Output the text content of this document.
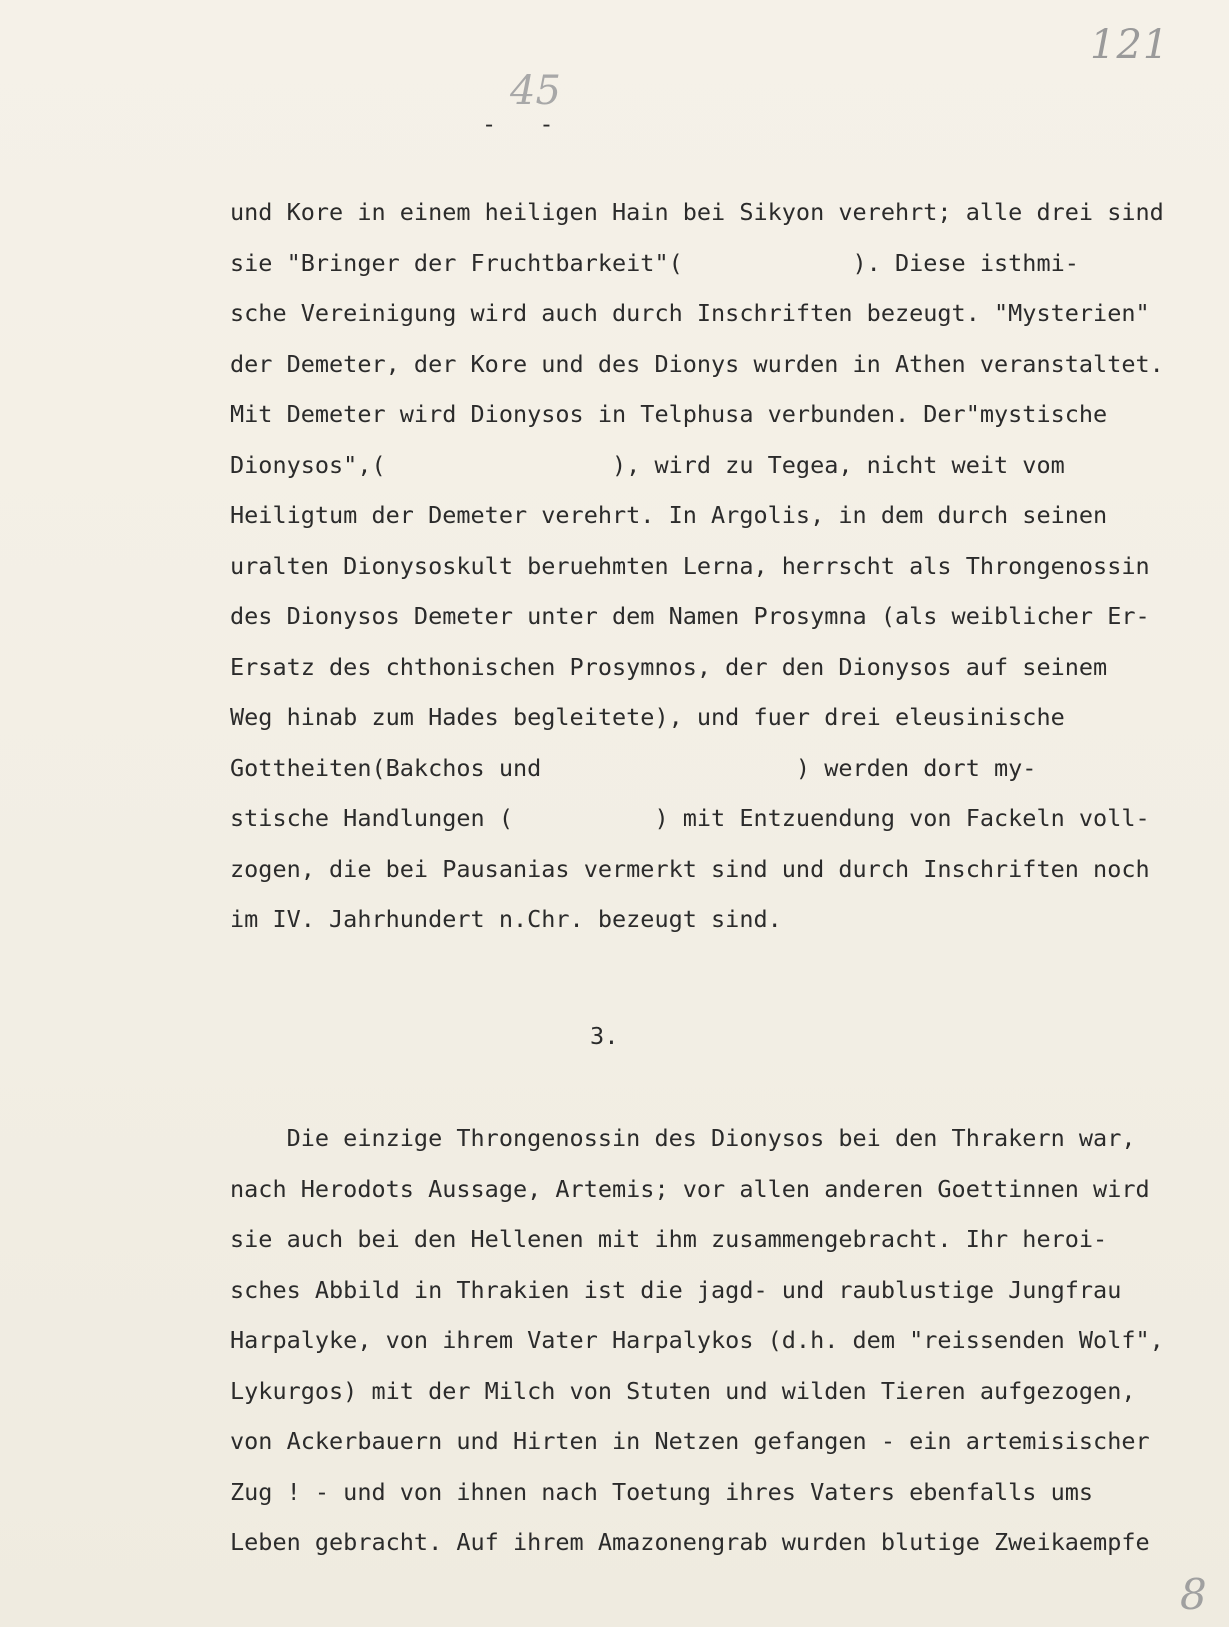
121
45
-   -
und Kore in einem heiligen Hain bei Sikyon verehrt; alle drei sind
sie "Bringer der Fruchtbarkeit"(            ). Diese isthmi-
sche Vereinigung wird auch durch Inschriften bezeugt. "Mysterien"
der Demeter, der Kore und des Dionys wurden in Athen veranstaltet.
Mit Demeter wird Dionysos in Telphusa verbunden. Der"mystische
Dionysos",(                ), wird zu Tegea, nicht weit vom
Heiligtum der Demeter verehrt. In Argolis, in dem durch seinen
uralten Dionysoskult beruehmten Lerna, herrscht als Throngenossin
des Dionysos Demeter unter dem Namen Prosymna (als weiblicher Er-
Ersatz des chthonischen Prosymnos, der den Dionysos auf seinem
Weg hinab zum Hades begleitete), und fuer drei eleusinische
Gottheiten(Bakchos und                  ) werden dort my-
stische Handlungen (          ) mit Entzuendung von Fackeln voll-
zogen, die bei Pausanias vermerkt sind und durch Inschriften noch
im IV. Jahrhundert n.Chr. bezeugt sind.
3.
Die einzige Throngenossin des Dionysos bei den Thrakern war,
nach Herodots Aussage, Artemis; vor allen anderen Goettinnen wird
sie auch bei den Hellenen mit ihm zusammengebracht. Ihr heroi-
sches Abbild in Thrakien ist die jagd- und raublustige Jungfrau
Harpalyke, von ihrem Vater Harpalykos (d.h. dem "reissenden Wolf",
Lykurgos) mit der Milch von Stuten und wilden Tieren aufgezogen,
von Ackerbauern und Hirten in Netzen gefangen - ein artemisischer
Zug ! - und von ihnen nach Toetung ihres Vaters ebenfalls ums
Leben gebracht. Auf ihrem Amazonengrab wurden blutige Zweikaempfe
8
